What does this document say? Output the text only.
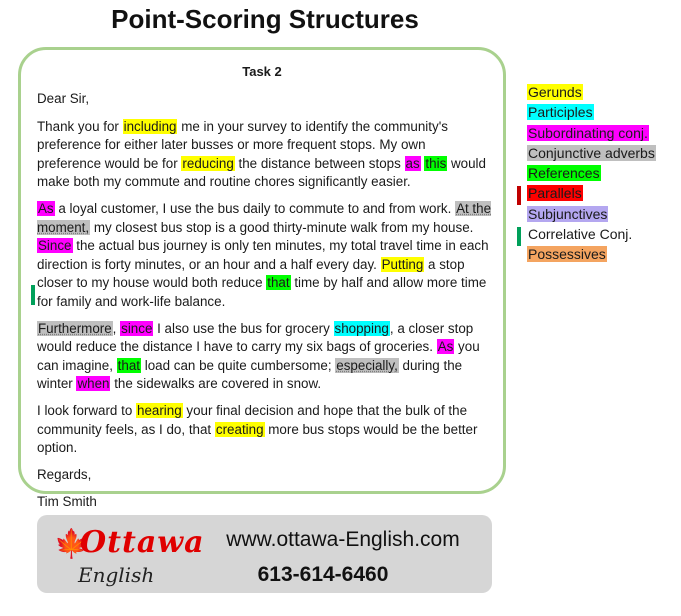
Point-Scoring Structures
Task 2

Dear Sir,

Thank you for including me in your survey to identify the community's preference for either later busses or more frequent stops. My own preference would be for reducing the distance between stops as this would make both my commute and routine chores significantly easier.

As a loyal customer, I use the bus daily to commute to and from work. At the moment, my closest bus stop is a good thirty-minute walk from my house. Since the actual bus journey is only ten minutes, my total travel time in each direction is forty minutes, or an hour and a half every day. Putting a stop closer to my house would both reduce that time by half and allow more time for family and work-life balance.

Furthermore, since I also use the bus for grocery shopping, a closer stop would reduce the distance I have to carry my six bags of groceries. As you can imagine, that load can be quite cumbersome; especially, during the winter when the sidewalks are covered in snow.

I look forward to hearing your final decision and hope that the bulk of the community feels, as I do, that creating more bus stops would be the better option.

Regards,

Tim Smith

Gerunds
Participles
Subordinating conj.
Conjunctive adverbs
References
Parallels
Subjunctives
Correlative Conj.
Possessives
🍁
Ottawa
English
www.ottawa-English.com
613-614-6460
